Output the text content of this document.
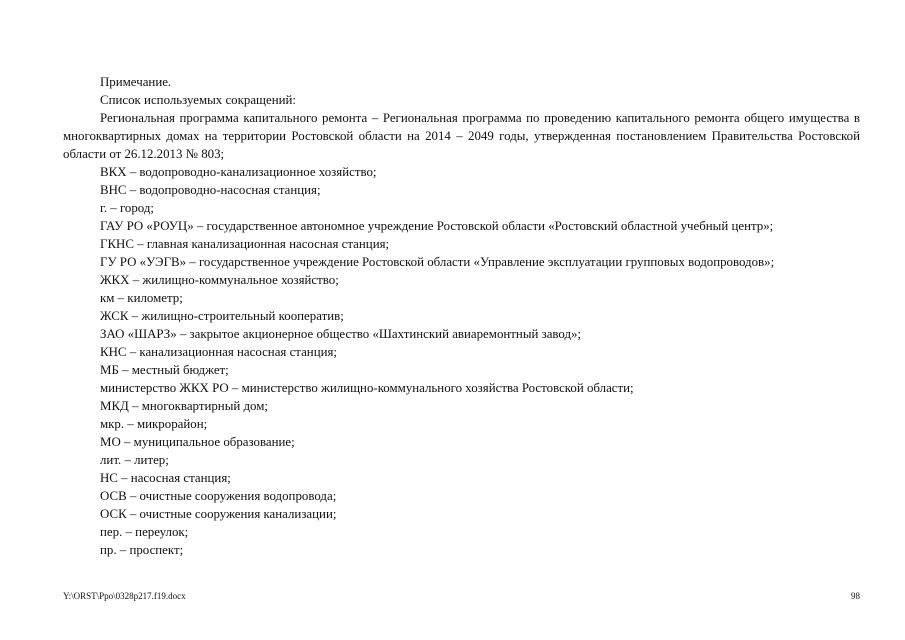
Примечание.

Список используемых сокращений:

Региональная программа капитального ремонта – Региональная программа по проведению капитального ремонта общего имущества в многоквартирных домах на территории Ростовской области на 2014 – 2049 годы, утвержденная постановлением Правительства Ростовской области от 26.12.2013 № 803;

ВКХ – водопроводно-канализационное хозяйство;

ВНС – водопроводно-насосная станция;

г. – город;

ГАУ РО «РОУЦ» – государственное автономное учреждение Ростовской области «Ростовский областной учебный центр»;

ГКНС – главная канализационная насосная станция;

ГУ РО «УЭГВ» – государственное учреждение Ростовской области «Управление эксплуатации групповых водопроводов»;

ЖКХ – жилищно-коммунальное хозяйство;

км – километр;

ЖСК – жилищно-строительный кооператив;

ЗАО «ШАРЗ» – закрытое акционерное общество «Шахтинский авиаремонтный завод»;

КНС – канализационная насосная станция;

МБ – местный бюджет;

министерство ЖКХ РО – министерство жилищно-коммунального хозяйства Ростовской области;

МКД – многоквартирный дом;

мкр. – микрорайон;

МО – муниципальное образование;

лит. – литер;

НС – насосная станция;

ОСВ – очистные сооружения водопровода;

ОСК – очистные сооружения канализации;

пер. – переулок;

пр. – проспект;

Y:\ORST\Ppo\0328p217.f19.docx	98
